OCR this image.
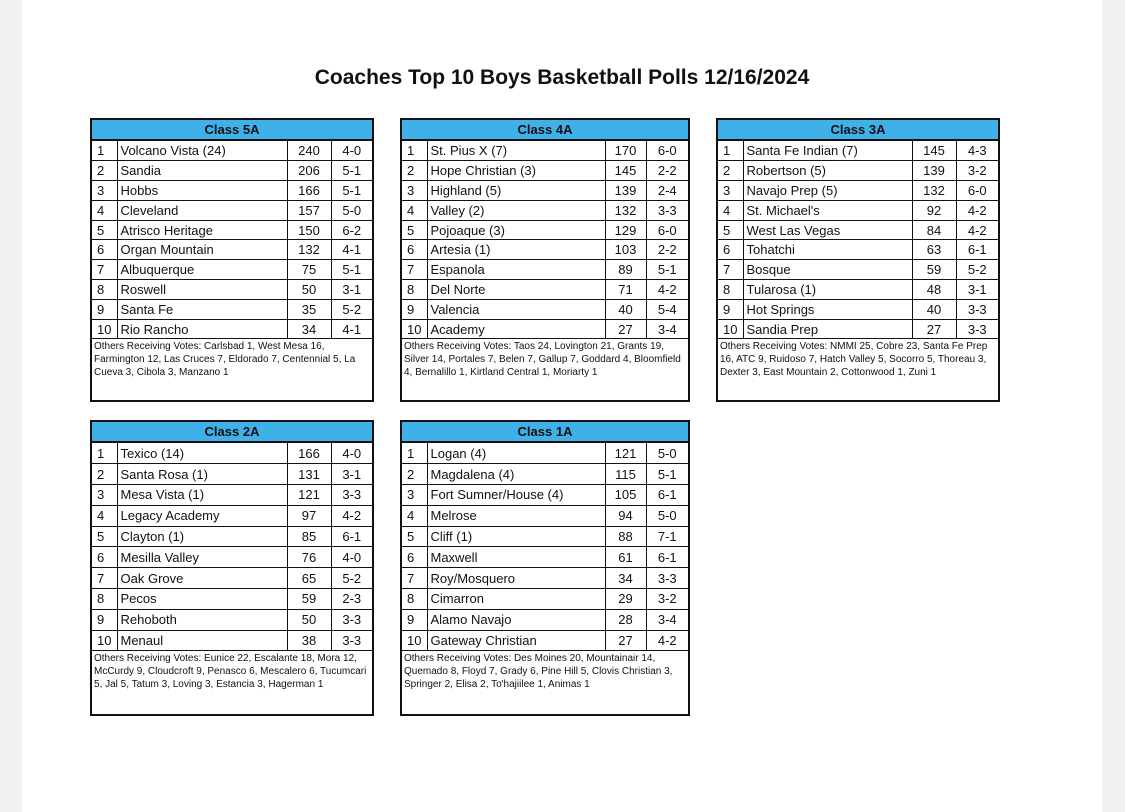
Coaches Top 10 Boys Basketball Polls 12/16/2024
Class 5A
1	Volcano Vista (24)	240	4-0
2	Sandia	206	5-1
3	Hobbs	166	5-1
4	Cleveland	157	5-0
5	Atrisco Heritage	150	6-2
6	Organ Mountain	132	4-1
7	Albuquerque	75	5-1
8	Roswell	50	3-1
9	Santa Fe	35	5-2
10	Rio Rancho	34	4-1
Others Receiving Votes: Carlsbad 1, West Mesa 16, Farmington 12, Las Cruces 7, Eldorado 7, Centennial 5, La Cueva 3, Cibola 3, Manzano 1
Class 4A
1	St. Pius X (7)	170	6-0
2	Hope Christian (3)	145	2-2
3	Highland (5)	139	2-4
4	Valley (2)	132	3-3
5	Pojoaque (3)	129	6-0
6	Artesia (1)	103	2-2
7	Espanola	89	5-1
8	Del Norte	71	4-2
9	Valencia	40	5-4
10	Academy	27	3-4
Others Receiving Votes: Taos 24, Lovington 21, Grants 19, Silver 14, Portales 7, Belen 7, Gallup 7, Goddard 4, Bloomfield 4, Bernalillo 1, Kirtland Central 1, Moriarty 1
Class 3A
1	Santa Fe Indian (7)	145	4-3
2	Robertson (5)	139	3-2
3	Navajo Prep (5)	132	6-0
4	St. Michael's	92	4-2
5	West Las Vegas	84	4-2
6	Tohatchi	63	6-1
7	Bosque	59	5-2
8	Tularosa (1)	48	3-1
9	Hot Springs	40	3-3
10	Sandia Prep	27	3-3
Others Receiving Votes: NMMI 25, Cobre 23, Santa Fe Prep 16, ATC 9, Ruidoso 7, Hatch Valley 5, Socorro 5, Thoreau 3, Dexter 3, East Mountain 2, Cottonwood 1, Zuni 1
Class 2A
1	Texico (14)	166	4-0
2	Santa Rosa (1)	131	3-1
3	Mesa Vista (1)	121	3-3
4	Legacy Academy	97	4-2
5	Clayton (1)	85	6-1
6	Mesilla Valley	76	4-0
7	Oak Grove	65	5-2
8	Pecos	59	2-3
9	Rehoboth	50	3-3
10	Menaul	38	3-3
Others Receiving Votes: Eunice 22, Escalante 18, Mora 12, McCurdy 9, Cloudcroft 9, Penasco 6, Mescalero 6, Tucumcari 5, Jal 5, Tatum 3, Loving 3, Estancia 3, Hagerman 1
Class 1A
1	Logan (4)	121	5-0
2	Magdalena (4)	115	5-1
3	Fort Sumner/House (4)	105	6-1
4	Melrose	94	5-0
5	Cliff (1)	88	7-1
6	Maxwell	61	6-1
7	Roy/Mosquero	34	3-3
8	Cimarron	29	3-2
9	Alamo Navajo	28	3-4
10	Gateway Christian	27	4-2
Others Receiving Votes: Des Moines 20, Mountainair 14, Quemado 8, Floyd 7, Grady 6, Pine Hill 5, Clovis Christian 3, Springer 2, Elisa 2, To'hajiilee 1, Animas 1
